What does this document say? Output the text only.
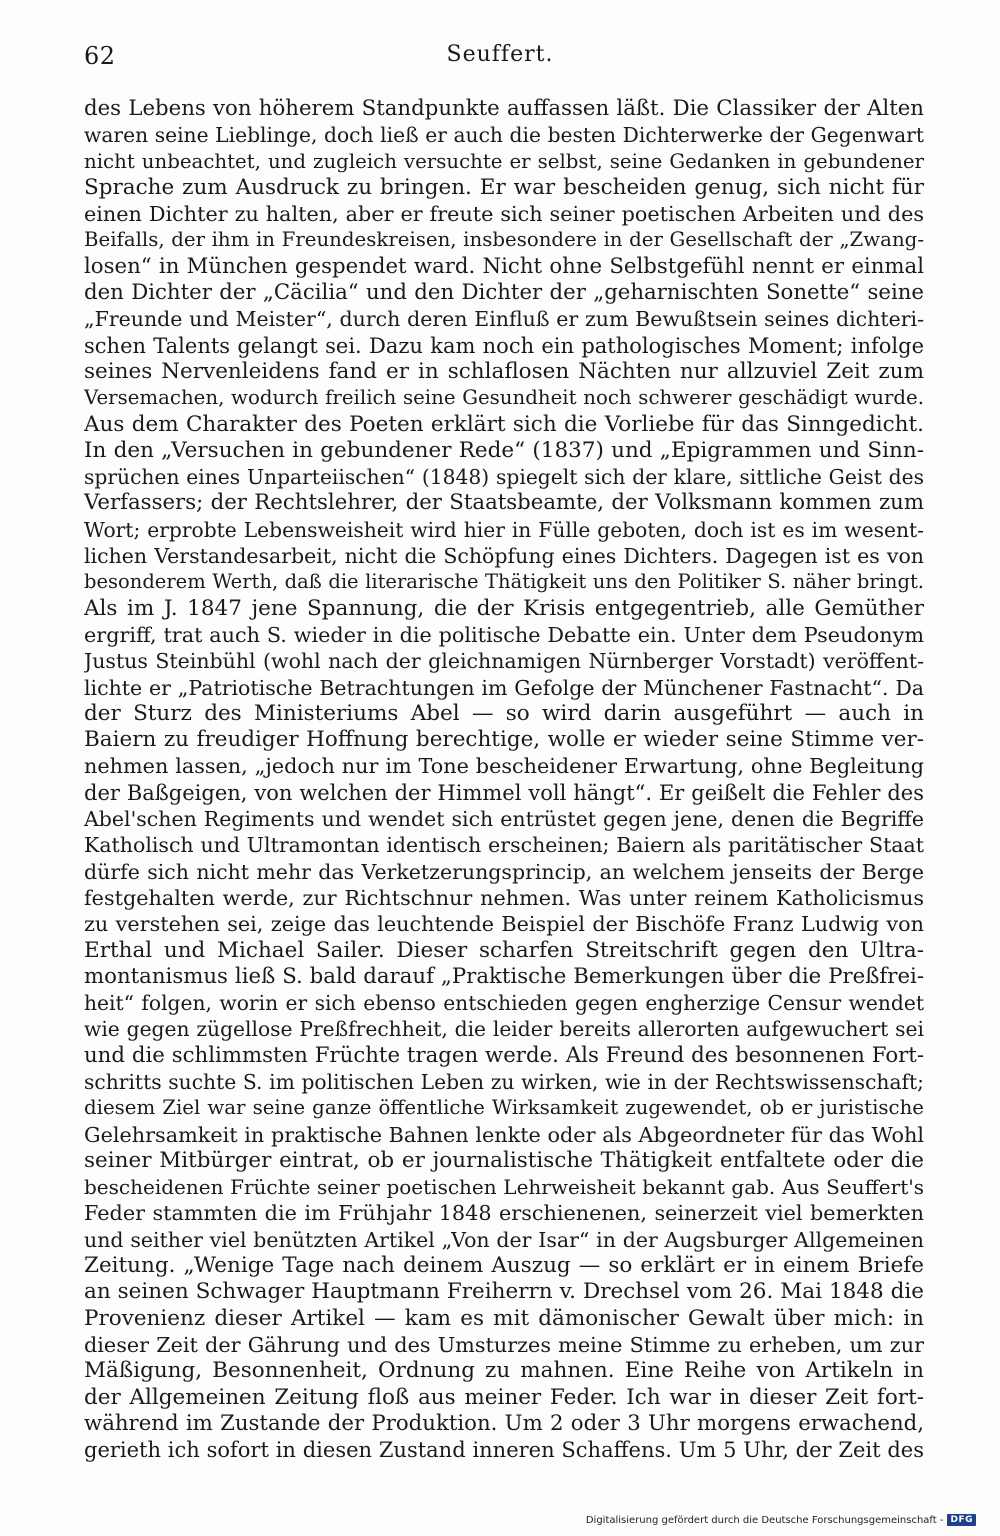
62	Seuffert.
des Lebens von höherem Standpunkte auffassen läßt. Die Classiker der Alten
waren seine Lieblinge, doch ließ er auch die besten Dichterwerke der Gegenwart
nicht unbeachtet, und zugleich versuchte er selbst, seine Gedanken in gebundener
Sprache zum Ausdruck zu bringen. Er war bescheiden genug, sich nicht für
einen Dichter zu halten, aber er freute sich seiner poetischen Arbeiten und des
Beifalls, der ihm in Freundeskreisen, insbesondere in der Gesellschaft der „Zwang-
losen“ in München gespendet ward. Nicht ohne Selbstgefühl nennt er einmal
den Dichter der „Cäcilia“ und den Dichter der „geharnischten Sonette“ seine
„Freunde und Meister“, durch deren Einfluß er zum Bewußtsein seines dichteri-
schen Talents gelangt sei. Dazu kam noch ein pathologisches Moment; infolge
seines Nervenleidens fand er in schlaflosen Nächten nur allzuviel Zeit zum
Versemachen, wodurch freilich seine Gesundheit noch schwerer geschädigt wurde.
Aus dem Charakter des Poeten erklärt sich die Vorliebe für das Sinngedicht.
In den „Versuchen in gebundener Rede“ (1837) und „Epigrammen und Sinn-
sprüchen eines Unparteiischen“ (1848) spiegelt sich der klare, sittliche Geist des
Verfassers; der Rechtslehrer, der Staatsbeamte, der Volksmann kommen zum
Wort; erprobte Lebensweisheit wird hier in Fülle geboten, doch ist es im wesent-
lichen Verstandesarbeit, nicht die Schöpfung eines Dichters. Dagegen ist es von
besonderem Werth, daß die literarische Thätigkeit uns den Politiker S. näher bringt.
Als im J. 1847 jene Spannung, die der Krisis entgegentrieb, alle Gemüther
ergriff, trat auch S. wieder in die politische Debatte ein. Unter dem Pseudonym
Justus Steinbühl (wohl nach der gleichnamigen Nürnberger Vorstadt) veröffent-
lichte er „Patriotische Betrachtungen im Gefolge der Münchener Fastnacht“. Da
der Sturz des Ministeriums Abel — so wird darin ausgeführt — auch in
Baiern zu freudiger Hoffnung berechtige, wolle er wieder seine Stimme ver-
nehmen lassen, „jedoch nur im Tone bescheidener Erwartung, ohne Begleitung
der Baßgeigen, von welchen der Himmel voll hängt“. Er geißelt die Fehler des
Abel'schen Regiments und wendet sich entrüstet gegen jene, denen die Begriffe
Katholisch und Ultramontan identisch erscheinen; Baiern als paritätischer Staat
dürfe sich nicht mehr das Verketzerungsprincip, an welchem jenseits der Berge
festgehalten werde, zur Richtschnur nehmen. Was unter reinem Katholicismus
zu verstehen sei, zeige das leuchtende Beispiel der Bischöfe Franz Ludwig von
Erthal und Michael Sailer. Dieser scharfen Streitschrift gegen den Ultra-
montanismus ließ S. bald darauf „Praktische Bemerkungen über die Preßfrei-
heit“ folgen, worin er sich ebenso entschieden gegen engherzige Censur wendet
wie gegen zügellose Preßfrechheit, die leider bereits allerorten aufgewuchert sei
und die schlimmsten Früchte tragen werde. Als Freund des besonnenen Fort-
schritts suchte S. im politischen Leben zu wirken, wie in der Rechtswissenschaft;
diesem Ziel war seine ganze öffentliche Wirksamkeit zugewendet, ob er juristische
Gelehrsamkeit in praktische Bahnen lenkte oder als Abgeordneter für das Wohl
seiner Mitbürger eintrat, ob er journalistische Thätigkeit entfaltete oder die
bescheidenen Früchte seiner poetischen Lehrweisheit bekannt gab. Aus Seuffert's
Feder stammten die im Frühjahr 1848 erschienenen, seinerzeit viel bemerkten
und seither viel benützten Artikel „Von der Isar“ in der Augsburger Allgemeinen
Zeitung. „Wenige Tage nach deinem Auszug — so erklärt er in einem Briefe
an seinen Schwager Hauptmann Freiherrn v. Drechsel vom 26. Mai 1848 die
Provenienz dieser Artikel — kam es mit dämonischer Gewalt über mich: in
dieser Zeit der Gährung und des Umsturzes meine Stimme zu erheben, um zur
Mäßigung, Besonnenheit, Ordnung zu mahnen. Eine Reihe von Artikeln in
der Allgemeinen Zeitung floß aus meiner Feder. Ich war in dieser Zeit fort-
während im Zustande der Produktion. Um 2 oder 3 Uhr morgens erwachend,
gerieth ich sofort in diesen Zustand inneren Schaffens. Um 5 Uhr, der Zeit des
Digitalisierung gefördert durch die Deutsche Forschungsgemeinschaft - DFG
